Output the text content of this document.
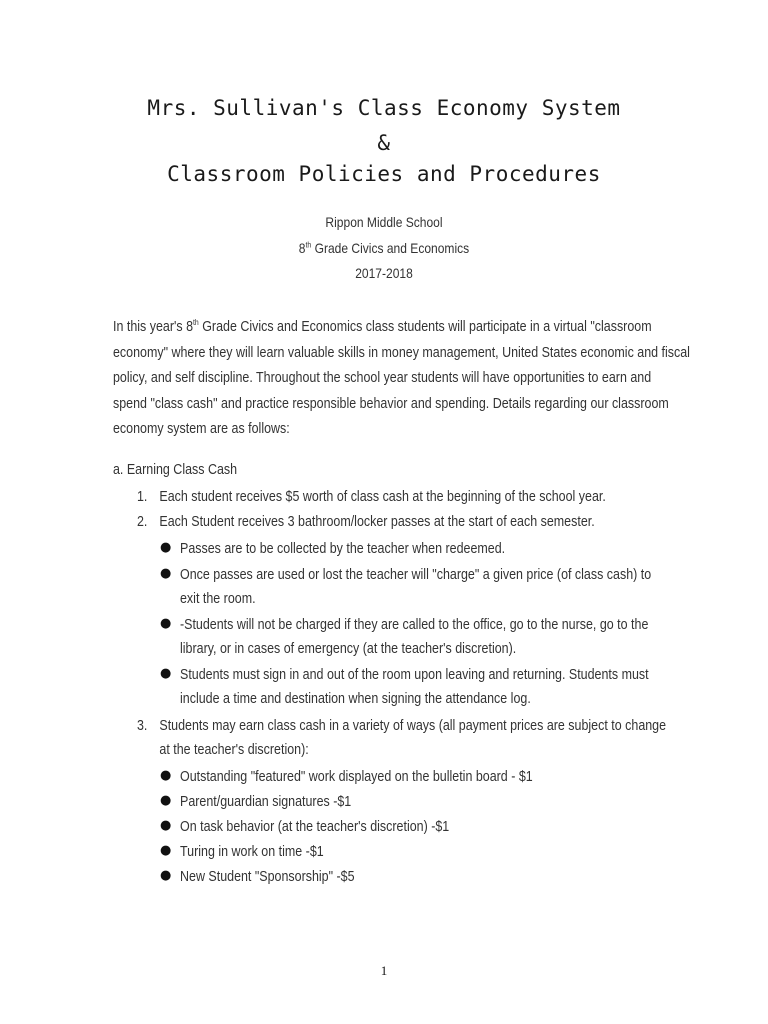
Mrs. Sullivan's Class Economy System
&
Classroom Policies and Procedures
Rippon Middle School
8th Grade Civics and Economics
2017-2018
In this year's 8th Grade Civics and Economics class students will participate in a virtual "classroom
economy" where they will learn valuable skills in money management, United States economic and fiscal
policy, and self discipline. Throughout the school year students will have opportunities to earn and
spend "class cash" and practice responsible behavior and spending. Details regarding our classroom
economy system are as follows:
a. Earning Class Cash
1. Each student receives $5 worth of class cash at the beginning of the school year.
2. Each Student receives 3 bathroom/locker passes at the start of each semester.
● Passes are to be collected by the teacher when redeemed.
● Once passes are used or lost the teacher will "charge" a given price (of class cash) to
exit the room.
● -Students will not be charged if they are called to the office, go to the nurse, go to the
library, or in cases of emergency (at the teacher's discretion).
● Students must sign in and out of the room upon leaving and returning. Students must
include a time and destination when signing the attendance log.
3. Students may earn class cash in a variety of ways (all payment prices are subject to change
at the teacher's discretion):
● Outstanding "featured" work displayed on the bulletin board - $1
● Parent/guardian signatures -$1
● On task behavior (at the teacher's discretion) -$1
● Turing in work on time -$1
● New Student "Sponsorship" -$5
1
